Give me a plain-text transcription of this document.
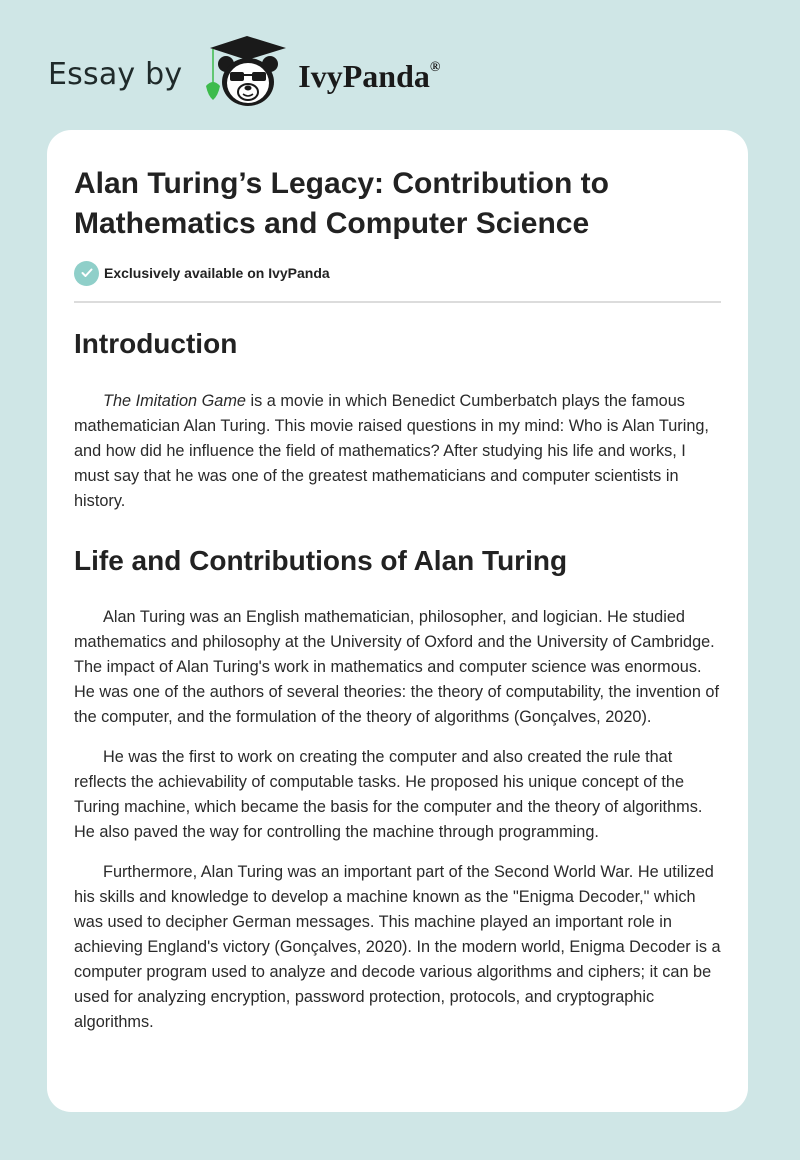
Essay by	IvyPanda®
Alan Turing’s Legacy: Contribution to Mathematics and Computer Science
Exclusively available on IvyPanda
Introduction

The Imitation Game is a movie in which Benedict Cumberbatch plays the famous mathematician Alan Turing. This movie raised questions in my mind: Who is Alan Turing, and how did he influence the field of mathematics? After studying his life and works, I must say that he was one of the greatest mathematicians and computer scientists in history.

Life and Contributions of Alan Turing

Alan Turing was an English mathematician, philosopher, and logician. He studied mathematics and philosophy at the University of Oxford and the University of Cambridge. The impact of Alan Turing's work in mathematics and computer science was enormous. He was one of the authors of several theories: the theory of computability, the invention of the computer, and the formulation of the theory of algorithms (Gonçalves, 2020).

He was the first to work on creating the computer and also created the rule that reflects the achievability of computable tasks. He proposed his unique concept of the Turing machine, which became the basis for the computer and the theory of algorithms. He also paved the way for controlling the machine through programming.

Furthermore, Alan Turing was an important part of the Second World War. He utilized his skills and knowledge to develop a machine known as the "Enigma Decoder," which was used to decipher German messages. This machine played an important role in achieving England's victory (Gonçalves, 2020). In the modern world, Enigma Decoder is a computer program used to analyze and decode various algorithms and ciphers; it can be used for analyzing encryption, password protection, protocols, and cryptographic algorithms.
